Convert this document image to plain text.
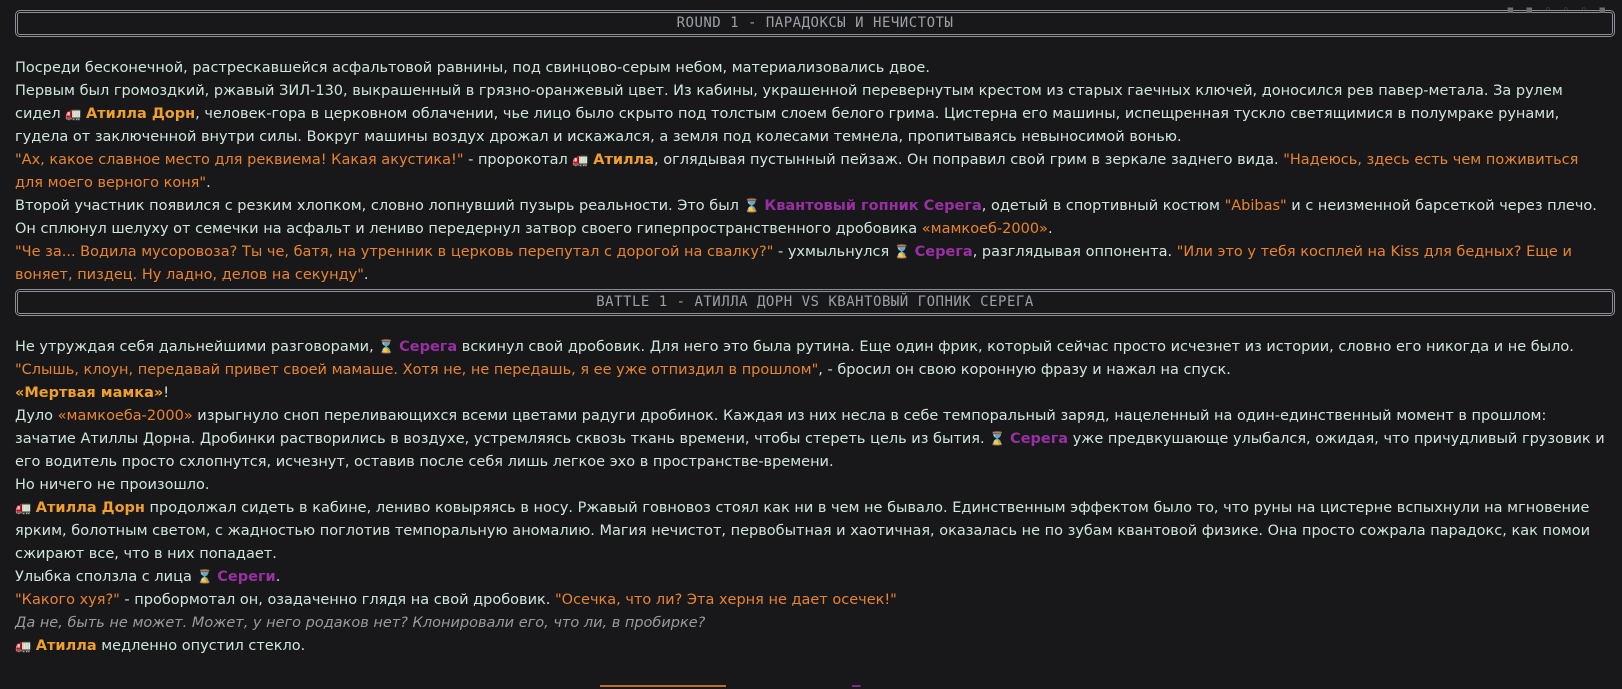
▪ ▪ ◦ ◦ ◦ ▪
ROUND 1 - ПАРАДОКСЫ И НЕЧИСТОТЫ

Посреди бесконечной, растрескавшейся асфальтовой равнины, под свинцово-серым небом, материализовались двое.

Первым был громоздкий, ржавый ЗИЛ-130, выкрашенный в грязно-оранжевый цвет. Из кабины, украшенной перевернутым крестом из старых гаечных ключей, доносился рев павер-метала. За рулем сидел 🚛 Атилла Дорн, человек-гора в церковном облачении, чье лицо было скрыто под толстым слоем белого грима. Цистерна его машины, испещренная тускло светящимися в полумраке рунами, гудела от заключенной внутри силы. Вокруг машины воздух дрожал и искажался, а земля под колесами темнела, пропитываясь невыносимой вонью.

"Ах, какое славное место для реквиема! Какая акустика!" - пророкотал 🚛 Атилла, оглядывая пустынный пейзаж. Он поправил свой грим в зеркале заднего вида. "Надеюсь, здесь есть чем поживиться для моего верного коня".

Второй участник появился с резким хлопком, словно лопнувший пузырь реальности. Это был ⌛ Квантовый гопник Серега, одетый в спортивный костюм "Abibas" и с неизменной барсеткой через плечо. Он сплюнул шелуху от семечки на асфальт и лениво передернул затвор своего гиперпространственного дробовика «мамкоеб-2000».

"Че за... Водила мусоровоза? Ты че, батя, на утренник в церковь перепутал с дорогой на свалку?" - ухмыльнулся ⌛ Серега, разглядывая оппонента. "Или это у тебя косплей на Kiss для бедных? Еще и воняет, пиздец. Ну ладно, делов на секунду".

BATTLE 1 - АТИЛЛА ДОРН VS КВАНТОВЫЙ ГОПНИК СЕРЕГА

Не утруждая себя дальнейшими разговорами, ⌛ Серега вскинул свой дробовик. Для него это была рутина. Еще один фрик, который сейчас просто исчезнет из истории, словно его никогда и не было.

"Слышь, клоун, передавай привет своей мамаше. Хотя не, не передашь, я ее уже отпиздил в прошлом", - бросил он свою коронную фразу и нажал на спуск.

«Мертвая мамка»!

Дуло «мамкоеба-2000» изрыгнуло сноп переливающихся всеми цветами радуги дробинок. Каждая из них несла в себе темпоральный заряд, нацеленный на один-единственный момент в прошлом: зачатие Атиллы Дорна. Дробинки растворились в воздухе, устремляясь сквозь ткань времени, чтобы стереть цель из бытия. ⌛ Серега уже предвкушающе улыбался, ожидая, что причудливый грузовик и его водитель просто схлопнутся, исчезнут, оставив после себя лишь легкое эхо в пространстве-времени.

Но ничего не произошло.

🚛 Атилла Дорн продолжал сидеть в кабине, лениво ковыряясь в носу. Ржавый говновоз стоял как ни в чем не бывало. Единственным эффектом было то, что руны на цистерне вспыхнули на мгновение ярким, болотным светом, с жадностью поглотив темпоральную аномалию. Магия нечистот, первобытная и хаотичная, оказалась не по зубам квантовой физике. Она просто сожрала парадокс, как помои сжирают все, что в них попадает.

Улыбка сползла с лица ⌛ Сереги.

"Какого хуя?" - пробормотал он, озадаченно глядя на свой дробовик. "Осечка, что ли? Эта херня не дает осечек!"

Да не, быть не может. Может, у него родаков нет? Клонировали его, что ли, в пробирке?

🚛 Атилла медленно опустил стекло.
